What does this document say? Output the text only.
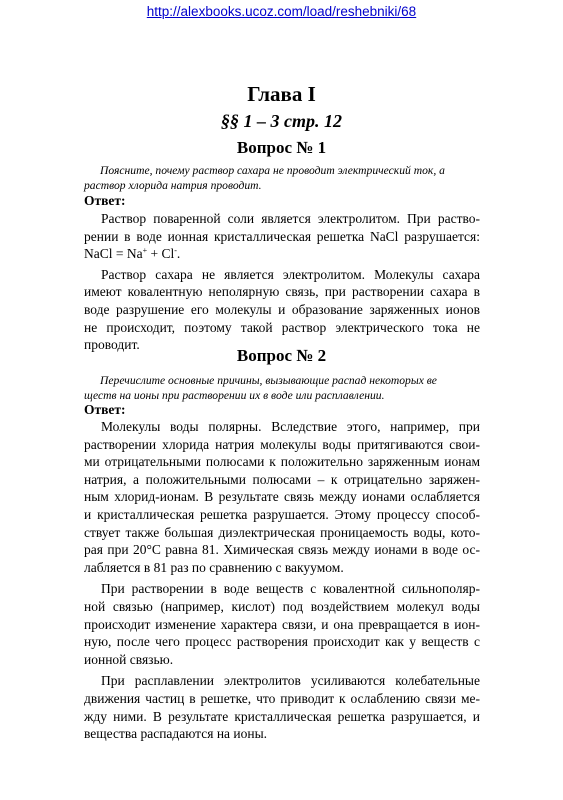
http://alexbooks.ucoz.com/load/reshebniki/68
Глава I
§§ 1 – 3 стр. 12
Вопрос № 1
Поясните, почему раствор сахара не проводит электрический ток, а
раствор хлорида натрия проводит.
Ответ:
Раствор поваренной соли является электролитом. При раство-
рении в воде ионная кристаллическая решетка NaCl разрушается:
NaCl = Na+ + Cl-.
Раствор сахара не является электролитом. Молекулы сахара
имеют ковалентную неполярную связь, при растворении сахара в
воде разрушение его молекулы и образование заряженных ионов
не происходит, поэтому такой раствор электрического тока не
проводит.
Вопрос № 2
Перечислите основные причины, вызывающие распад некоторых ве
ществ на ионы при растворении их в воде или расплавлении.
Ответ:
Молекулы воды полярны. Вследствие этого, например, при
растворении хлорида натрия молекулы воды притягиваются свои-
ми отрицательными полюсами к положительно заряженным ионам
натрия, а положительными полюсами – к отрицательно заряжен-
ным хлорид-ионам. В результате связь между ионами ослабляется
и кристаллическая решетка разрушается. Этому процессу способ-
ствует также большая диэлектрическая проницаемость воды, кото-
рая при 20°С равна 81. Химическая связь между ионами в воде ос-
лабляется в 81 раз по сравнению с вакуумом.
При растворении в воде веществ с ковалентной сильнополяр-
ной связью (например, кислот) под воздействием молекул воды
происходит изменение характера связи, и она превращается в ион-
ную, после чего процесс растворения происходит как у веществ с
ионной связью.
При расплавлении электролитов усиливаются колебательные
движения частиц в решетке, что приводит к ослаблению связи ме-
жду ними. В результате кристаллическая решетка разрушается, и
вещества распадаются на ионы.
